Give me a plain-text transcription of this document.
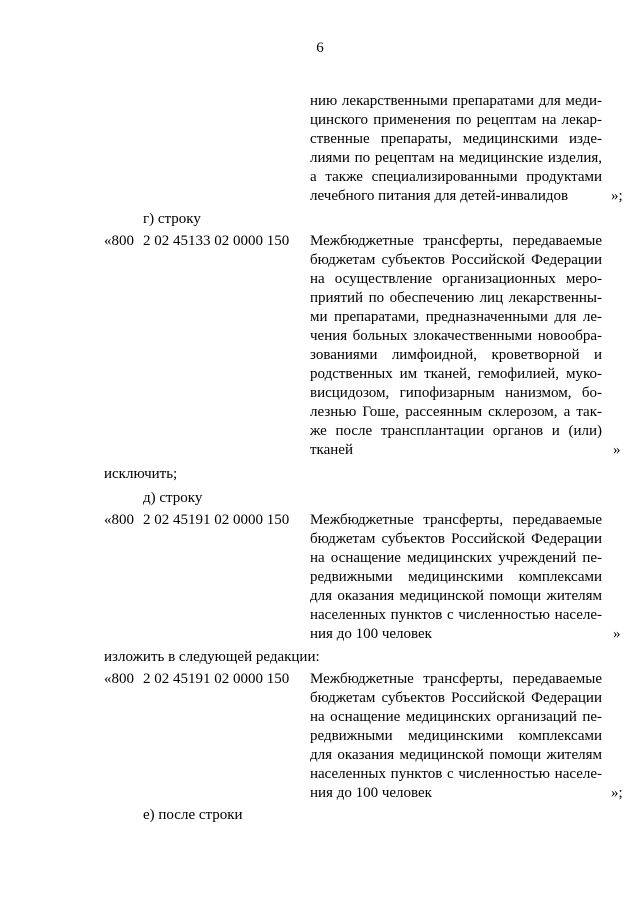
6
нию лекарственными препаратами для меди-
цинского применения по рецептам на лекар-
ственные препараты, медицинскими изде-
лиями по рецептам на медицинские изделия,
а также специализированными продуктами
лечебного питания для детей-инвалидов	»;
г) строку
«800 2 02 45133 02 0000 150 Межбюджетные трансферты, передаваемые
бюджетам субъектов Российской Федерации
на осуществление организационных меро-
приятий по обеспечению лиц лекарственны-
ми препаратами, предназначенными для ле-
чения больных злокачественными новообра-
зованиями лимфоидной, кроветворной и
родственных им тканей, гемофилией, муко-
висцидозом, гипофизарным нанизмом, бо-
лезнью Гоше, рассеянным склерозом, а так-
же после трансплантации органов и (или)
тканей	»
исключить;
д) строку
«800 2 02 45191 02 0000 150 Межбюджетные трансферты, передаваемые
бюджетам субъектов Российской Федерации
на оснащение медицинских учреждений пе-
редвижными медицинскими комплексами
для оказания медицинской помощи жителям
населенных пунктов с численностью населе-
ния до 100 человек	»
изложить в следующей редакции:
«800 2 02 45191 02 0000 150 Межбюджетные трансферты, передаваемые
бюджетам субъектов Российской Федерации
на оснащение медицинских организаций пе-
редвижными медицинскими комплексами
для оказания медицинской помощи жителям
населенных пунктов с численностью населе-
ния до 100 человек	»;
е) после строки
